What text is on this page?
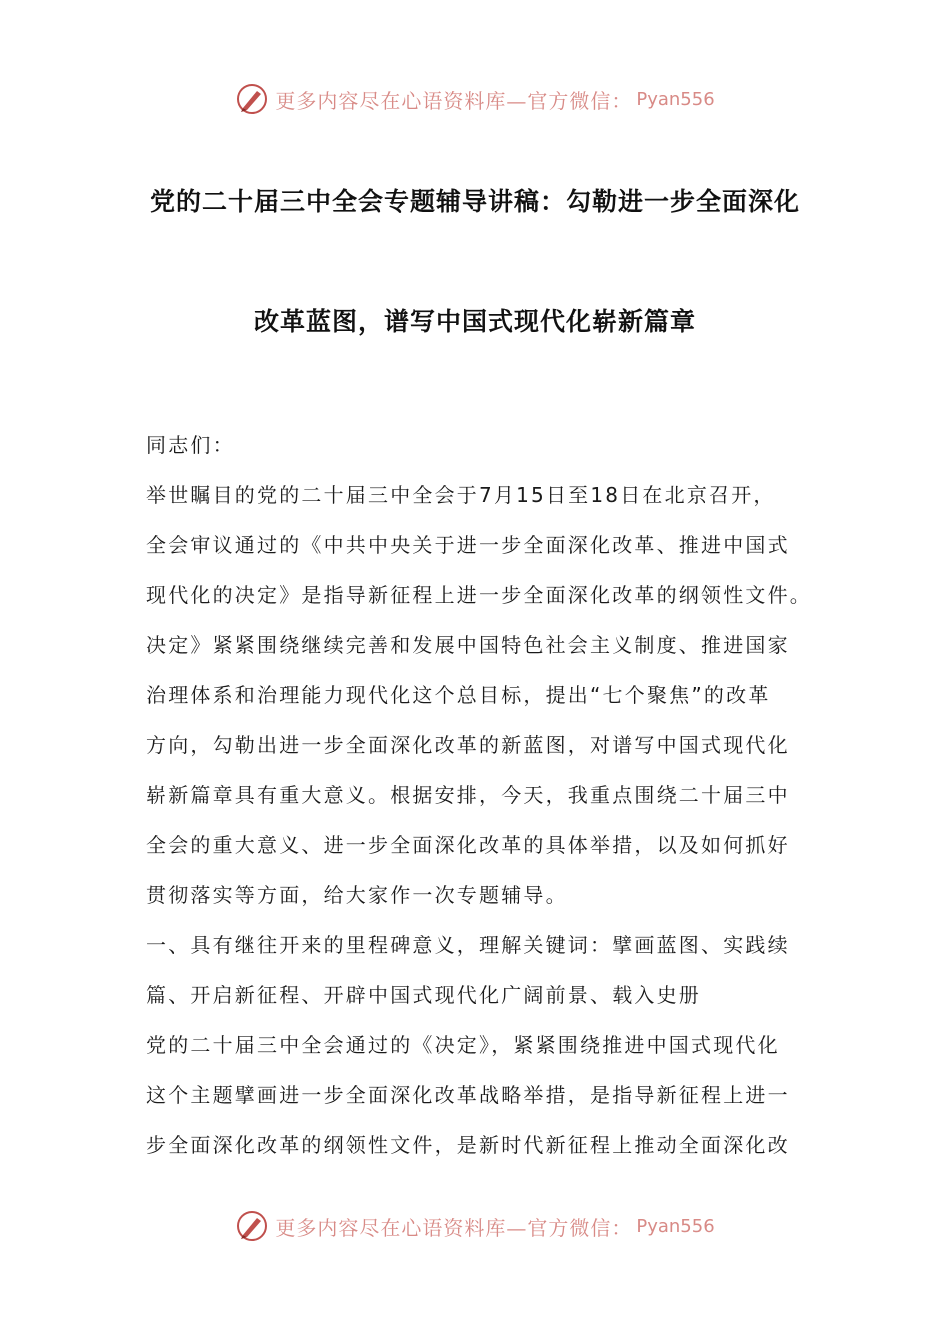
更多内容尽在心语资料库—官方微信： Pyan556
党的二十届三中全会专题辅导讲稿：勾勒进一步全面深化
改革蓝图，谱写中国式现代化崭新篇章
同志们：
举世瞩目的党的二十届三中全会于7月15日至18日在北京召开，
全会审议通过的《中共中央关于进一步全面深化改革、推进中国式
现代化的决定》是指导新征程上进一步全面深化改革的纲领性文件。
决定》紧紧围绕继续完善和发展中国特色社会主义制度、推进国家
治理体系和治理能力现代化这个总目标，提出“七个聚焦”的改革
方向，勾勒出进一步全面深化改革的新蓝图，对谱写中国式现代化
崭新篇章具有重大意义。根据安排，今天，我重点围绕二十届三中
全会的重大意义、进一步全面深化改革的具体举措，以及如何抓好
贯彻落实等方面，给大家作一次专题辅导。
一、具有继往开来的里程碑意义，理解关键词：擘画蓝图、实践续
篇、开启新征程、开辟中国式现代化广阔前景、载入史册
党的二十届三中全会通过的《决定》，紧紧围绕推进中国式现代化
这个主题擘画进一步全面深化改革战略举措，是指导新征程上进一
步全面深化改革的纲领性文件，是新时代新征程上推动全面深化改
更多内容尽在心语资料库—官方微信： Pyan556
